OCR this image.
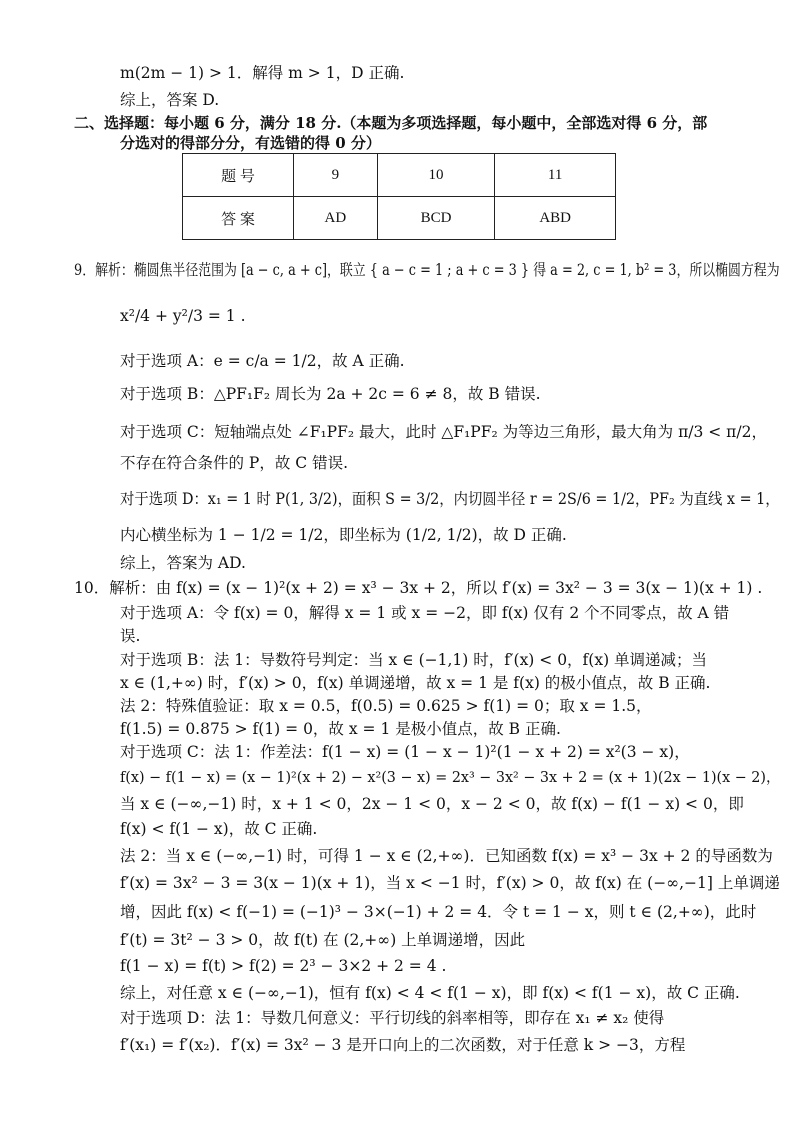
m(2m − 1) > 1．解得 m > 1，D 正确.
综上，答案 D.
二、选择题：每小题 6 分，满分 18 分.（本题为多项选择题，每小题中，全部选对得 6 分，部
分选对的得部分分，有选错的得 0 分）
题 号	9	10	11
答 案	AD	BCD	ABD
9．解析：椭圆焦半径范围为 [a − c, a + c]，联立 { a − c = 1 ; a + c = 3 } 得 a = 2, c = 1, b² = 3，所以椭圆方程为
x²/4 + y²/3 = 1 .
对于选项 A：e = c/a = 1/2，故 A 正确.
对于选项 B：△PF₁F₂ 周长为 2a + 2c = 6 ≠ 8，故 B 错误.
对于选项 C：短轴端点处 ∠F₁PF₂ 最大，此时 △F₁PF₂ 为等边三角形，最大角为 π/3 < π/2，
不存在符合条件的 P，故 C 错误.
对于选项 D：x₁ = 1 时 P(1, 3/2)，面积 S = 3/2，内切圆半径 r = 2S/6 = 1/2，PF₂ 为直线 x = 1，
内心横坐标为 1 − 1/2 = 1/2，即坐标为 (1/2, 1/2)，故 D 正确.
综上，答案为 AD.
10．解析：由 f(x) = (x − 1)²(x + 2) = x³ − 3x + 2，所以 f′(x) = 3x² − 3 = 3(x − 1)(x + 1) .
对于选项 A：令 f(x) = 0，解得 x = 1 或 x = −2，即 f(x) 仅有 2 个不同零点，故 A 错
误.
对于选项 B：法 1：导数符号判定：当 x ∈ (−1,1) 时，f′(x) < 0，f(x) 单调递减；当
x ∈ (1,+∞) 时，f′(x) > 0，f(x) 单调递增，故 x = 1 是 f(x) 的极小值点，故 B 正确.
法 2：特殊值验证：取 x = 0.5，f(0.5) = 0.625 > f(1) = 0；取 x = 1.5，
f(1.5) = 0.875 > f(1) = 0，故 x = 1 是极小值点，故 B 正确.
对于选项 C：法 1：作差法：f(1 − x) = (1 − x − 1)²(1 − x + 2) = x²(3 − x)，
f(x) − f(1 − x) = (x − 1)²(x + 2) − x²(3 − x) = 2x³ − 3x² − 3x + 2 = (x + 1)(2x − 1)(x − 2)，
当 x ∈ (−∞,−1) 时，x + 1 < 0，2x − 1 < 0，x − 2 < 0，故 f(x) − f(1 − x) < 0，即
f(x) < f(1 − x)，故 C 正确.
法 2：当 x ∈ (−∞,−1) 时，可得 1 − x ∈ (2,+∞)．已知函数 f(x) = x³ − 3x + 2 的导函数为
f′(x) = 3x² − 3 = 3(x − 1)(x + 1)，当 x < −1 时，f′(x) > 0，故 f(x) 在 (−∞,−1] 上单调递
增，因此 f(x) < f(−1) = (−1)³ − 3×(−1) + 2 = 4．令 t = 1 − x，则 t ∈ (2,+∞)，此时
f′(t) = 3t² − 3 > 0，故 f(t) 在 (2,+∞) 上单调递增，因此
f(1 − x) = f(t) > f(2) = 2³ − 3×2 + 2 = 4 .
综上，对任意 x ∈ (−∞,−1)，恒有 f(x) < 4 < f(1 − x)，即 f(x) < f(1 − x)，故 C 正确.
对于选项 D：法 1：导数几何意义：平行切线的斜率相等，即存在 x₁ ≠ x₂ 使得
f′(x₁) = f′(x₂)．f′(x) = 3x² − 3 是开口向上的二次函数，对于任意 k > −3，方程
